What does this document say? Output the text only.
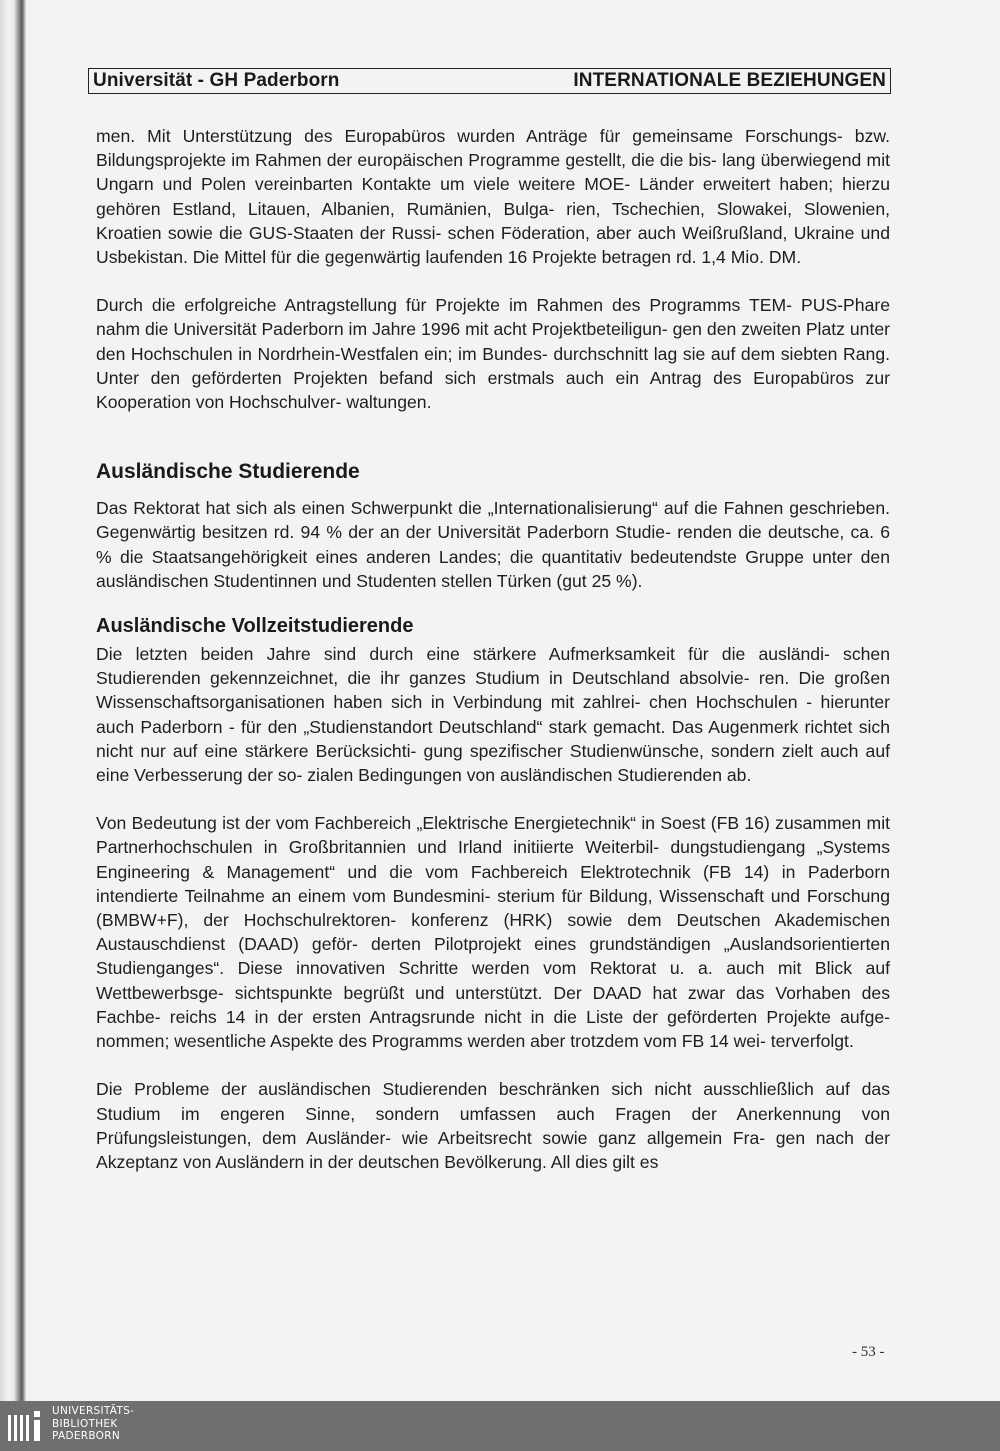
Universität - GH Paderborn	INTERNATIONALE BEZIEHUNGEN

men. Mit Unterstützung des Europabüros wurden Anträge für gemeinsame Forschungs- bzw. Bildungsprojekte im Rahmen der europäischen Programme gestellt, die die bis- lang überwiegend mit Ungarn und Polen vereinbarten Kontakte um viele weitere MOE- Länder erweitert haben; hierzu gehören Estland, Litauen, Albanien, Rumänien, Bulga- rien, Tschechien, Slowakei, Slowenien, Kroatien sowie die GUS-Staaten der Russi- schen Föderation, aber auch Weißrußland, Ukraine und Usbekistan. Die Mittel für die gegenwärtig laufenden 16 Projekte betragen rd. 1,4 Mio. DM.

Durch die erfolgreiche Antragstellung für Projekte im Rahmen des Programms TEM- PUS-Phare nahm die Universität Paderborn im Jahre 1996 mit acht Projektbeteiligun- gen den zweiten Platz unter den Hochschulen in Nordrhein-Westfalen ein; im Bundes- durchschnitt lag sie auf dem siebten Rang. Unter den geförderten Projekten befand sich erstmals auch ein Antrag des Europabüros zur Kooperation von Hochschulver- waltungen.

Ausländische Studierende

Das Rektorat hat sich als einen Schwerpunkt die „Internationalisierung“ auf die Fahnen geschrieben. Gegenwärtig besitzen rd. 94 % der an der Universität Paderborn Studie- renden die deutsche, ca. 6 % die Staatsangehörigkeit eines anderen Landes; die quantitativ bedeutendste Gruppe unter den ausländischen Studentinnen und Studenten stellen Türken (gut 25 %).

Ausländische Vollzeitstudierende

Die letzten beiden Jahre sind durch eine stärkere Aufmerksamkeit für die ausländi- schen Studierenden gekennzeichnet, die ihr ganzes Studium in Deutschland absolvie- ren. Die großen Wissenschaftsorganisationen haben sich in Verbindung mit zahlrei- chen Hochschulen - hierunter auch Paderborn - für den „Studienstandort Deutschland“ stark gemacht. Das Augenmerk richtet sich nicht nur auf eine stärkere Berücksichti- gung spezifischer Studienwünsche, sondern zielt auch auf eine Verbesserung der so- zialen Bedingungen von ausländischen Studierenden ab.

Von Bedeutung ist der vom Fachbereich „Elektrische Energietechnik“ in Soest (FB 16) zusammen mit Partnerhochschulen in Großbritannien und Irland initiierte Weiterbil- dungstudiengang „Systems Engineering & Management“ und die vom Fachbereich Elektrotechnik (FB 14) in Paderborn intendierte Teilnahme an einem vom Bundesmini- sterium für Bildung, Wissenschaft und Forschung (BMBW+F), der Hochschulrektoren- konferenz (HRK) sowie dem Deutschen Akademischen Austauschdienst (DAAD) geför- derten Pilotprojekt eines grundständigen „Auslandsorientierten Studienganges“. Diese innovativen Schritte werden vom Rektorat u. a. auch mit Blick auf Wettbewerbsge- sichtspunkte begrüßt und unterstützt. Der DAAD hat zwar das Vorhaben des Fachbe- reichs 14 in der ersten Antragsrunde nicht in die Liste der geförderten Projekte aufge- nommen; wesentliche Aspekte des Programms werden aber trotzdem vom FB 14 wei- terverfolgt.

Die Probleme der ausländischen Studierenden beschränken sich nicht ausschließlich auf das Studium im engeren Sinne, sondern umfassen auch Fragen der Anerkennung von Prüfungsleistungen, dem Ausländer- wie Arbeitsrecht sowie ganz allgemein Fra- gen nach der Akzeptanz von Ausländern in der deutschen Bevölkerung. All dies gilt es

- 53 -
UNIVERSITÄTS-
BIBLIOTHEK
PADERBORN
